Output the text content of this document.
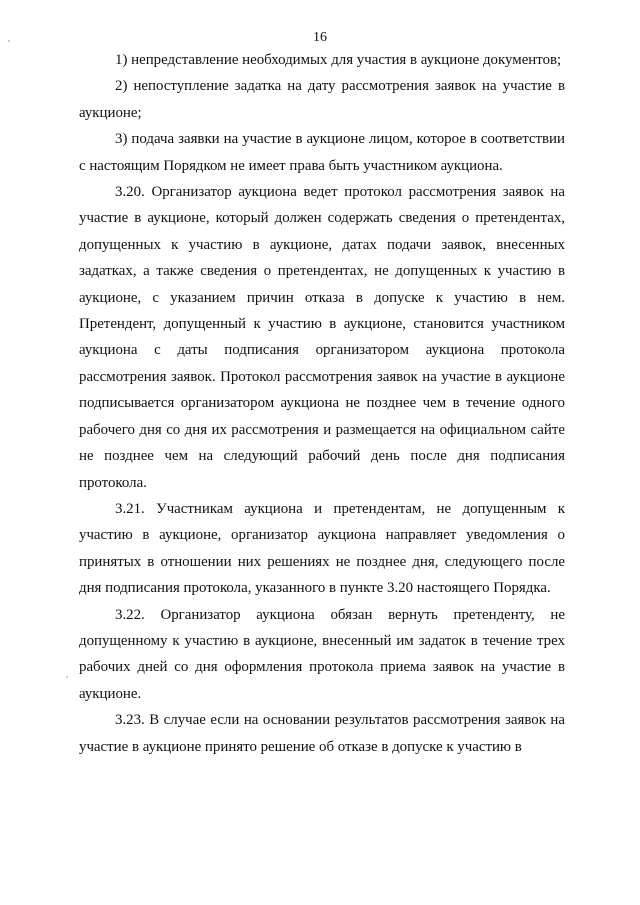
16

1) непредставление необходимых для участия в аукционе документов;

2) непоступление задатка на дату рассмотрения заявок на участие в аукционе;

3) подача заявки на участие в аукционе лицом, которое в соответствии с настоящим Порядком не имеет права быть участником аукциона.

3.20. Организатор аукциона ведет протокол рассмотрения заявок на участие в аукционе, который должен содержать сведения о претендентах, допущенных к участию в аукционе, датах подачи заявок, внесенных задатках, а также сведения о претендентах, не допущенных к участию в аукционе, с указанием причин отказа в допуске к участию в нем. Претендент, допущенный к участию в аукционе, становится участником аукциона с даты подписания организатором аукциона протокола рассмотрения заявок. Протокол рассмотрения заявок на участие в аукционе подписывается организатором аукциона не позднее чем в течение одного рабочего дня со дня их рассмотрения и размещается на официальном сайте не позднее чем на следующий рабочий день после дня подписания протокола.

3.21. Участникам аукциона и претендентам, не допущенным к участию в аукционе, организатор аукциона направляет уведомления о принятых в отношении них решениях не позднее дня, следующего после дня подписания протокола, указанного в пункте 3.20 настоящего Порядка.

3.22. Организатор аукциона обязан вернуть претенденту, не допущенному к участию в аукционе, внесенный им задаток в течение трех рабочих дней со дня оформления протокола приема заявок на участие в аукционе.

3.23. В случае если на основании результатов рассмотрения заявок на участие в аукционе принято решение об отказе в допуске к участию в
